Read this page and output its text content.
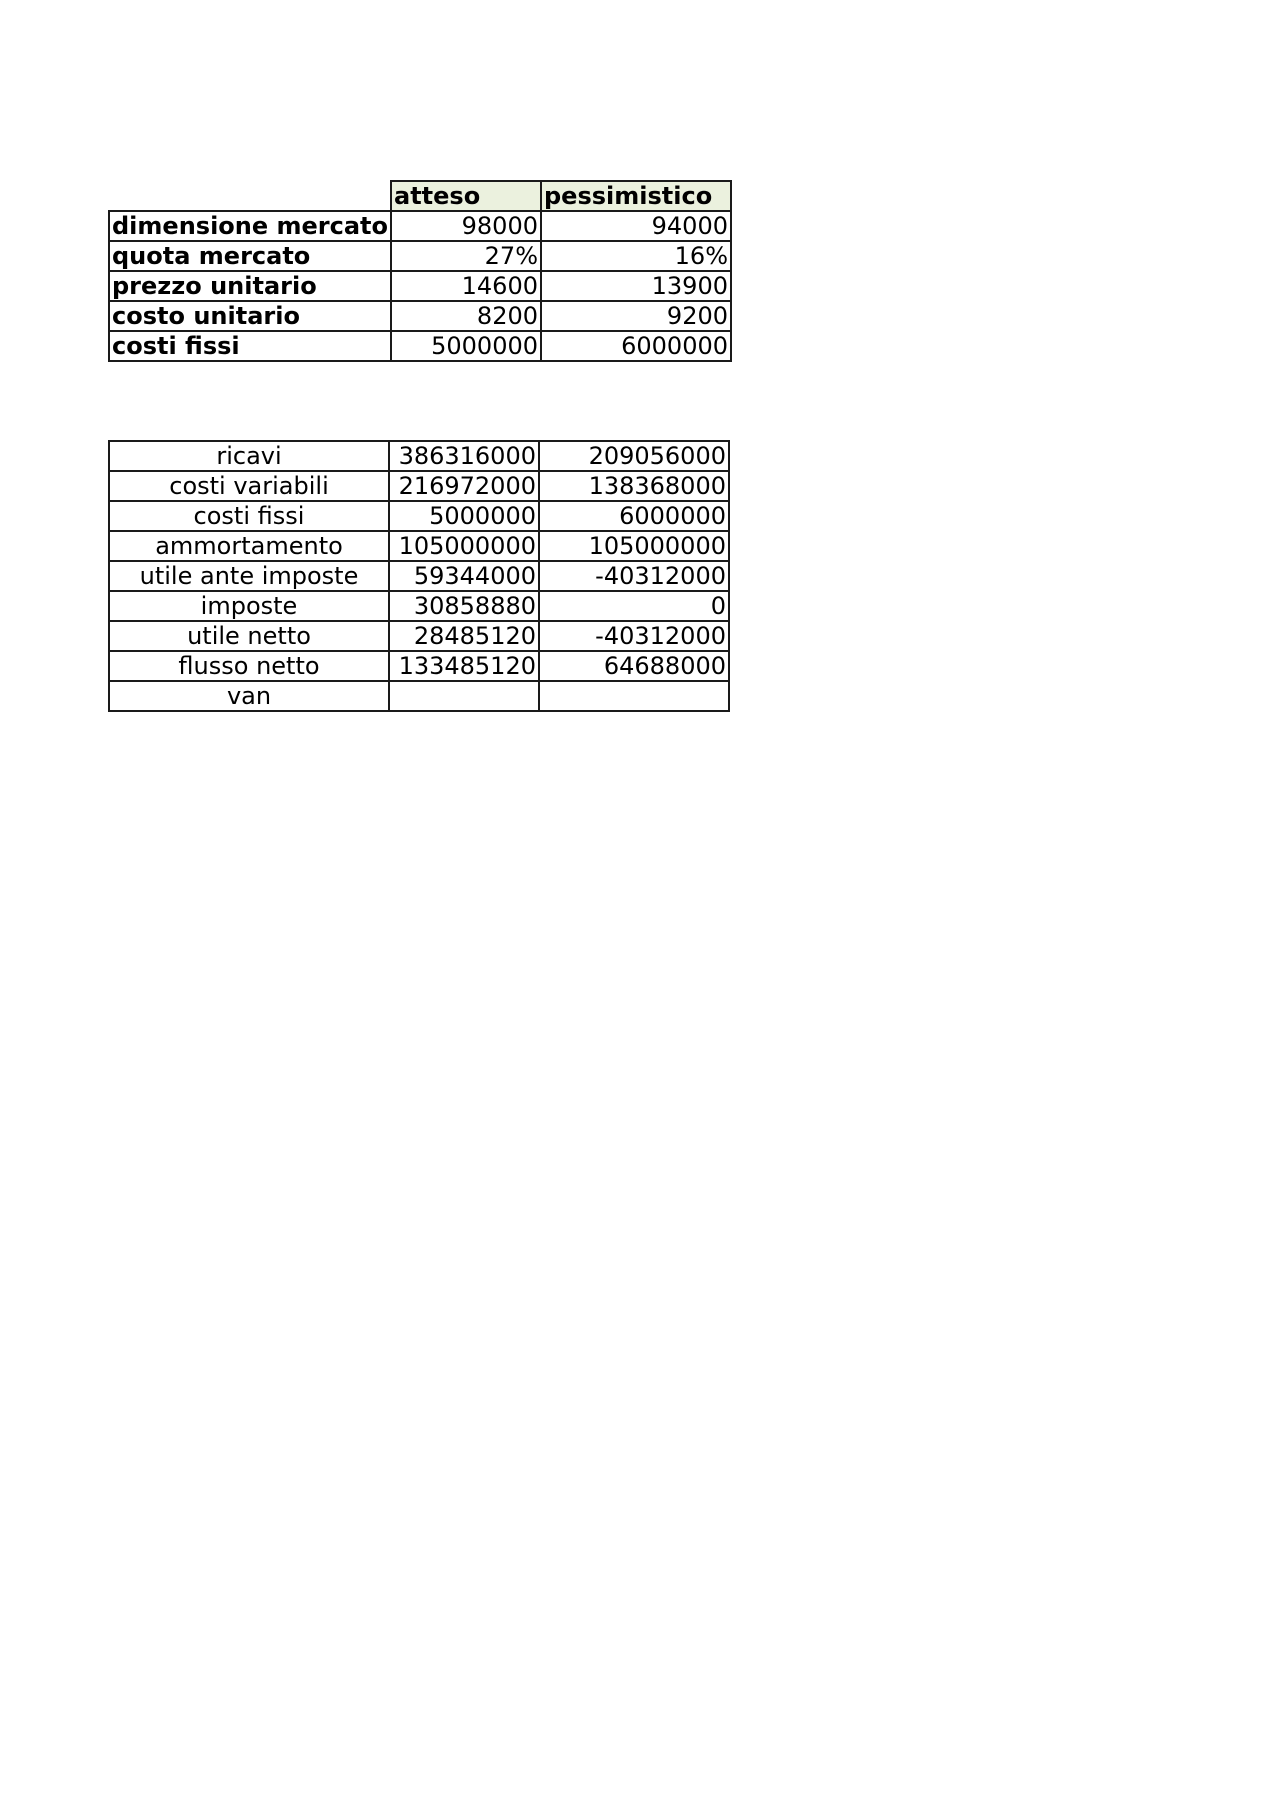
	atteso	pessimistico
dimensione mercato	98000	94000
quota mercato	27%	16%
prezzo unitario	14600	13900
costo unitario	8200	9200
costi fissi	5000000	6000000
ricavi	386316000	209056000
costi variabili	216972000	138368000
costi fissi	5000000	6000000
ammortamento	105000000	105000000
utile ante imposte	59344000	-40312000
imposte	30858880	0
utile netto	28485120	-40312000
flusso netto	133485120	64688000
van		
